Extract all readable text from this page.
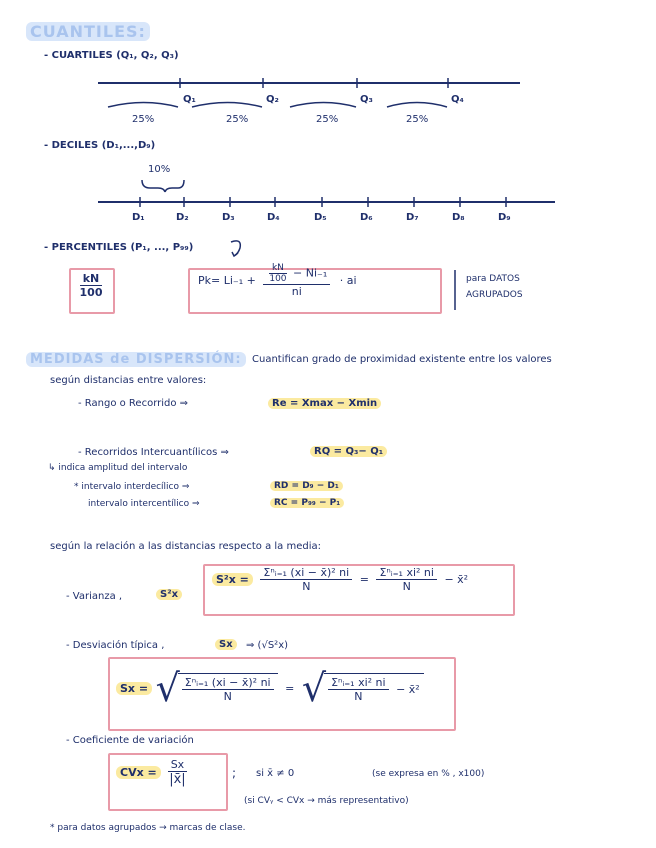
CUANTILES:
- CUARTILES (Q₁, Q₂, Q₃)
Q₁	Q₂	Q₃	Q₄
25%	25%	25%	25%
- DECILES (D₁,...,D₉)
10%
D₁	D₂	D₃	D₄	D₅	D₆	D₇	D₈	D₉
- PERCENTILES (P₁, ..., P₉₉)
$\frac{kN}{100}$	$Pk= Li_{-1} + \frac{\frac{kN}{100} - Ni_{-1}}{ni}$ · ai	para DATOS
AGRUPADOS
MEDIDAS de DISPERSIÓN:	Cuantifican grado de proximidad existente entre los valores
según distancias entre valores:
- Rango o Recorrido ⇒	Re = Xmax − Xmin
- Recorridos Intercuantílicos ⇒	RQ = Q₃− Q₁
↳ indica amplitud del intervalo
* intervalo interdecílico ⇒	RD = D₉ − D₁
intervalo intercentílico ⇒	RC = P₉₉ − P₁
según la relación a las distancias respecto a la media:
- Varianza ,	S²x
$S^2x = \frac{\text{Σⁿᵢ₌₁ (xi − x̄)² ni}}{N} = \frac{\text{Σⁿᵢ₌₁ xi² ni}}{N}$ − x̄²
- Desviación típica ,	Sx	⇒ (√S²x)
Sx = √ $\frac{\text{Σⁿᵢ₌₁ (xi − x̄)² ni}}{N}$ = √ $\frac{\text{Σⁿᵢ₌₁ xi² ni}}{N}$ − x̄²
- Coeficiente de variación
CVx = $\frac{Sx}{|x̄|}$	; si x̄ ≠ 0	(se expresa en % , x100)
(si CVᵧ < CVx → más representativo)
* para datos agrupados → marcas de clase.
